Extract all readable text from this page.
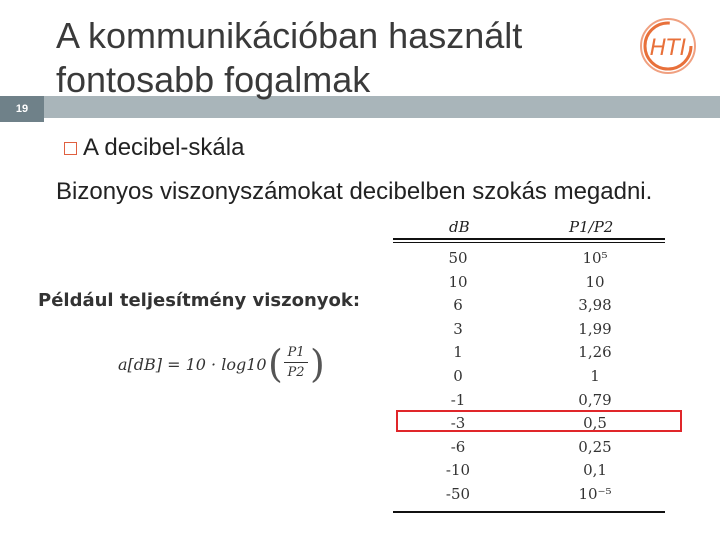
19
A kommunikációban használt fontosabb fogalmak
HTI
A decibel-skála
Bizonyos viszonyszámokat decibelben szokás megadni.
Például teljesítmény viszonyok:
a[dB] = 10 · log10 ( P1
P2 )
dB	P1/P2
50	10⁵
10	10
6	3,98
3	1,99
1	1,26
0	1
-1	0,79
-3	0,5
-6	0,25
-10	0,1
-50	10⁻⁵
